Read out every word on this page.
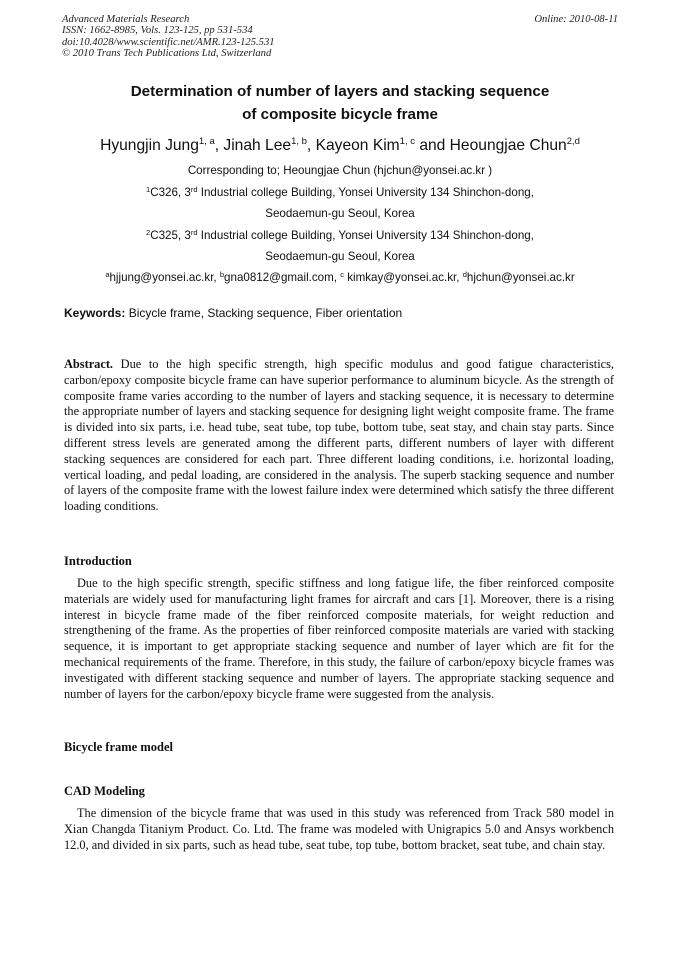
Advanced Materials Research
ISSN: 1662-8985, Vols. 123-125, pp 531-534
doi:10.4028/www.scientific.net/AMR.123-125.531
© 2010 Trans Tech Publications Ltd, Switzerland
Online: 2010-08-11
Determination of number of layers and stacking sequence
of composite bicycle frame
Hyungjin Jung$^{1, a}$, Jinah Lee$^{1, b}$, Kayeon Kim$^{1, c}$ and Heoungjae Chun$^{2,d}$
Corresponding to; Heoungjae Chun (hjchun@yonsei.ac.kr )
$^1$C326, 3rd Industrial college Building, Yonsei University 134 Shinchon-dong,
Seodaemun-gu Seoul, Korea
$^2$C325, 3rd Industrial college Building, Yonsei University 134 Shinchon-dong,
Seodaemun-gu Seoul, Korea
$^a$hjjung@yonsei.ac.kr, $^b$gna0812@gmail.com, $^c$ kimkay@yonsei.ac.kr, $^d$hjchun@yonsei.ac.kr
Keywords: Bicycle frame, Stacking sequence, Fiber orientation
Abstract. Due to the high specific strength, high specific modulus and good fatigue characteristics, carbon/epoxy composite bicycle frame can have superior performance to aluminum bicycle. As the strength of composite frame varies according to the number of layers and stacking sequence, it is necessary to determine the appropriate number of layers and stacking sequence for designing light weight composite frame. The frame is divided into six parts, i.e. head tube, seat tube, top tube, bottom tube, seat stay, and chain stay parts. Since different stress levels are generated among the different parts, different numbers of layer with different stacking sequences are considered for each part. Three different loading conditions, i.e. horizontal loading, vertical loading, and pedal loading, are considered in the analysis. The superb stacking sequence and number of layers of the composite frame with the lowest failure index were determined which satisfy the three different loading conditions.
Introduction
Due to the high specific strength, specific stiffness and long fatigue life, the fiber reinforced composite materials are widely used for manufacturing light frames for aircraft and cars [1]. Moreover, there is a rising interest in bicycle frame made of the fiber reinforced composite materials, for weight reduction and strengthening of the frame. As the properties of fiber reinforced composite materials are varied with stacking sequence, it is important to get appropriate stacking sequence and number of layer which are fit for the mechanical requirements of the frame. Therefore, in this study, the failure of carbon/epoxy bicycle frames was investigated with different stacking sequence and number of layers. The appropriate stacking sequence and number of layers for the carbon/epoxy bicycle frame were suggested from the analysis.
Bicycle frame model
CAD Modeling
The dimension of the bicycle frame that was used in this study was referenced from Track 580 model in Xian Changda Titaniym Product. Co. Ltd. The frame was modeled with Unigrapics 5.0 and Ansys workbench 12.0, and divided in six parts, such as head tube, seat tube, top tube, bottom bracket, seat tube, and chain stay.
